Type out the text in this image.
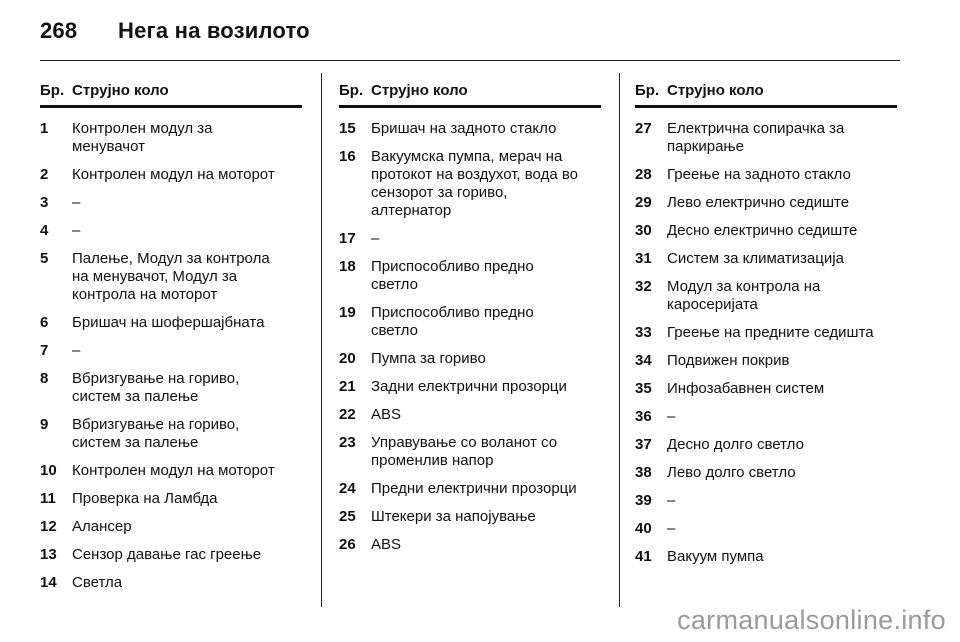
268 Нега на возилото
Бр. Струјно коло
1	Контролен модул за
менувачот
2	Контролен модул на моторот
3	–
4	–
5	Палење, Модул за контрола
на менувачот, Модул за
контрола на моторот
6	Бришач на шофершајбната
7	–
8	Вбризгување на гориво,
систем за палење
9	Вбризгување на гориво,
систем за палење
10	Контролен модул на моторот
11	Проверка на Ламбда
12	Алансер
13	Сензор давање гас греење
14	Светла
Бр. Струјно коло
15	Бришач на задното стакло
16	Вакуумска пумпа, мерач на
протокот на воздухот, вода во
сензорот за гориво,
алтернатор
17	–
18	Приспособливо предно
светло
19	Приспособливо предно
светло
20	Пумпа за гориво
21	Задни електрични прозорци
22	ABS
23	Управување со воланот со
променлив напор
24	Предни електрични прозорци
25	Штекери за напојување
26	ABS
Бр. Струјно коло
27	Електрична сопирачка за
паркирање
28	Греење на задното стакло
29	Лево електрично седиште
30	Десно електрично седиште
31	Систем за климатизација
32	Модул за контрола на
каросеријата
33	Греење на предните седишта
34	Подвижен покрив
35	Инфозабавнен систем
36	–
37	Десно долго светло
38	Лево долго светло
39	–
40	–
41	Вакуум пумпа
carmanualsonline.info
